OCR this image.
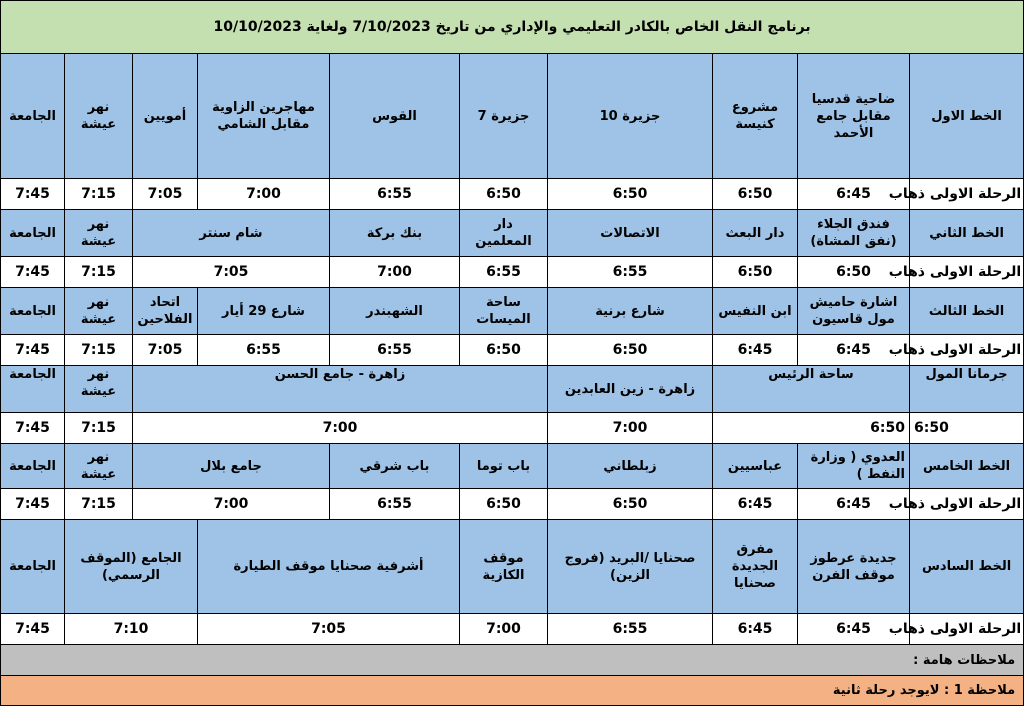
برنامج النقل الخاص بالكادر التعليمي والإداري من تاريخ 7/10/2023 ولغاية 10/10/2023										
الجامعة	نهر عيشة	أمويين	مهاجرين الزاوية مقابل الشامي	القوس	جزيرة 7	جزيرة 10	مشروع كنيسة	ضاحية قدسيا مقابل جامع الأحمد	الخط الاول	
7:45	7:15	7:05	7:00	6:55	6:50	6:50	6:50	6:45	الرحلة الاولى ذهاب	
الجامعة	نهر عيشة	شام سنتر		بنك بركة	دار المعلمين	الاتصالات	دار البعث	فندق الجلاء (نفق المشاة)	الخط الثاني	
7:45	7:15	7:05		7:00	6:55	6:55	6:50	6:50	الرحلة الاولى ذهاب	
الجامعة	نهر عيشة	اتحاد الفلاحين	شارع 29 أيار	الشهبندر	ساحة الميسات	شارع برنية	ابن النفيس	اشارة حاميش مول قاسيون	الخط الثالث	
7:45	7:15	7:05	6:55	6:55	6:50	6:50	6:45	6:45	الرحلة الاولى ذهاب	
الجامعة	نهر عيشة	زاهرة - جامع الحسن				زاهرة - زين العابدين	ساحة الرئيس		جرمانا المول	
7:45	7:15	7:00				7:00	6:50		6:50	
الجامعة	نهر عيشة	جامع بلال		باب شرقي	باب توما	زبلطاني	عباسيين	العدوي ( وزارة النفط )	الخط الخامس	
7:45	7:15	7:00		6:55	6:50	6:50	6:45	6:45	الرحلة الاولى ذهاب	
الجامعة	الجامع (الموقف الرسمي)		أشرفية صحنايا موقف الطيارة		موقف الكازية	صحنايا /البريد (فروج الزين)	مفرق الجديدة صحنايا	جديدة عرطوز موقف الفرن	الخط السادس	
7:45	7:10		7:05		7:00	6:55	6:45	6:45	الرحلة الاولى ذهاب	
ملاحظات هامة :										
ملاحظة 1 : لايوجد رحلة ثانية										
